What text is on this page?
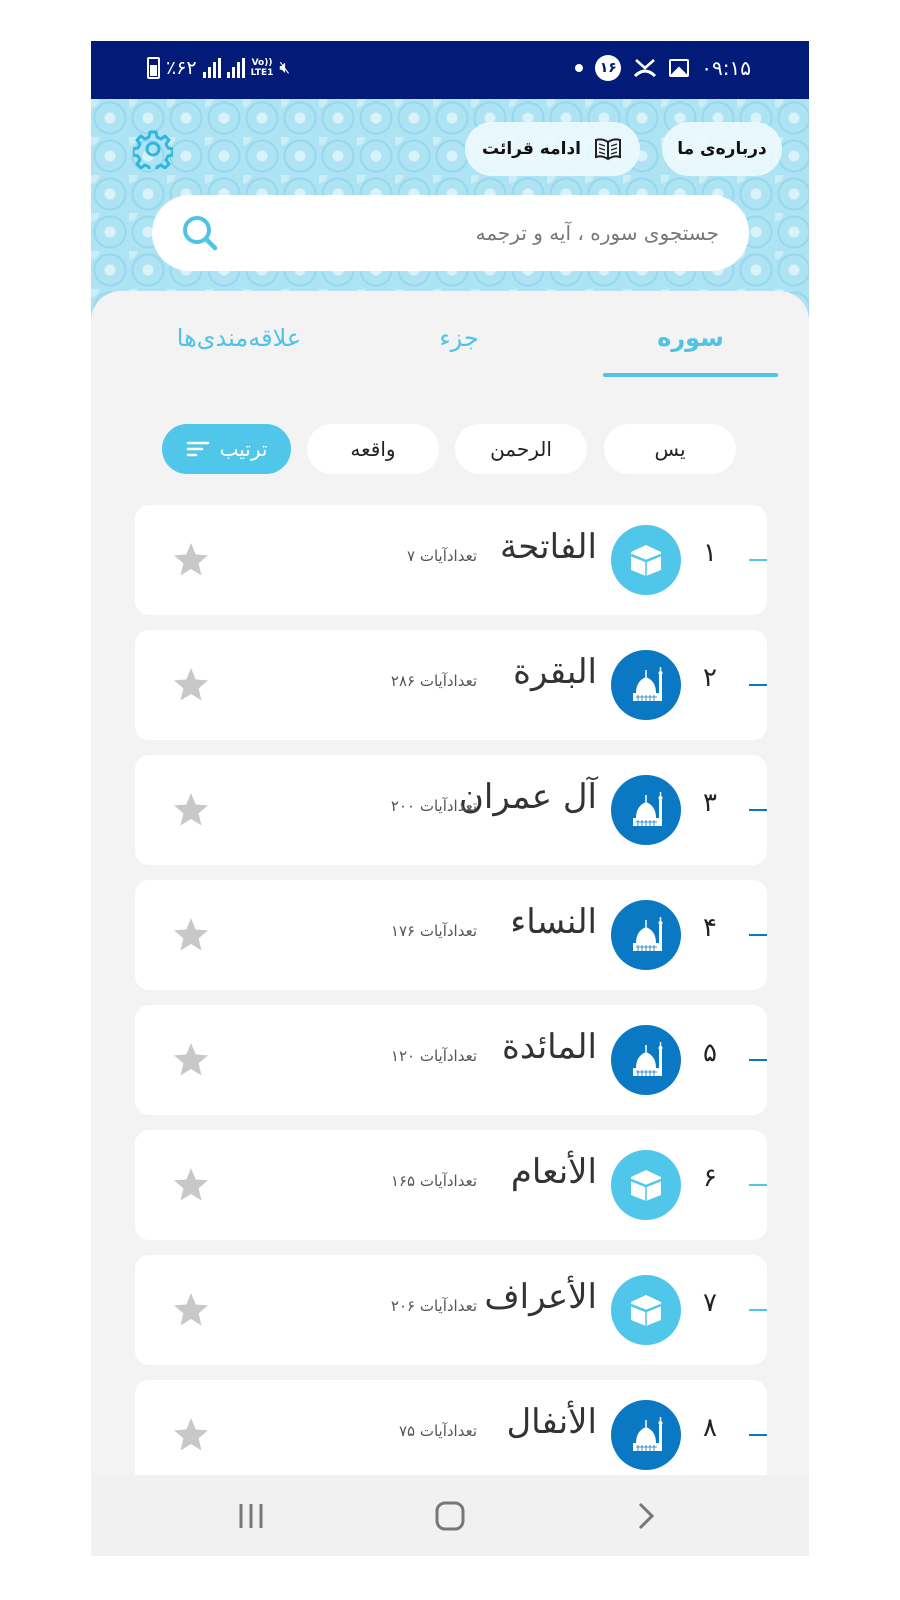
٪۶۲	Vo))
LTE1 🔇︎	۱۶	۰۹:۱۵
درباره‌ی ما
ادامه قرائت
جستجوی سوره ، آیه و ترجمه
سوره
جزء
علاقه‌مندی‌ها
یس
الرحمن
واقعه
ترتیب
۱
الفاتحة
تعدادآیات ۷
۲
البقرة
تعدادآیات ۲۸۶
۳
آل عمران
تعدادآیات ۲۰۰
۴
النساء
تعدادآیات ۱۷۶
۵
المائدة
تعدادآیات ۱۲۰
۶
الأنعام
تعدادآیات ۱۶۵
۷
الأعراف
تعدادآیات ۲۰۶
۸
الأنفال
تعدادآیات ۷۵
